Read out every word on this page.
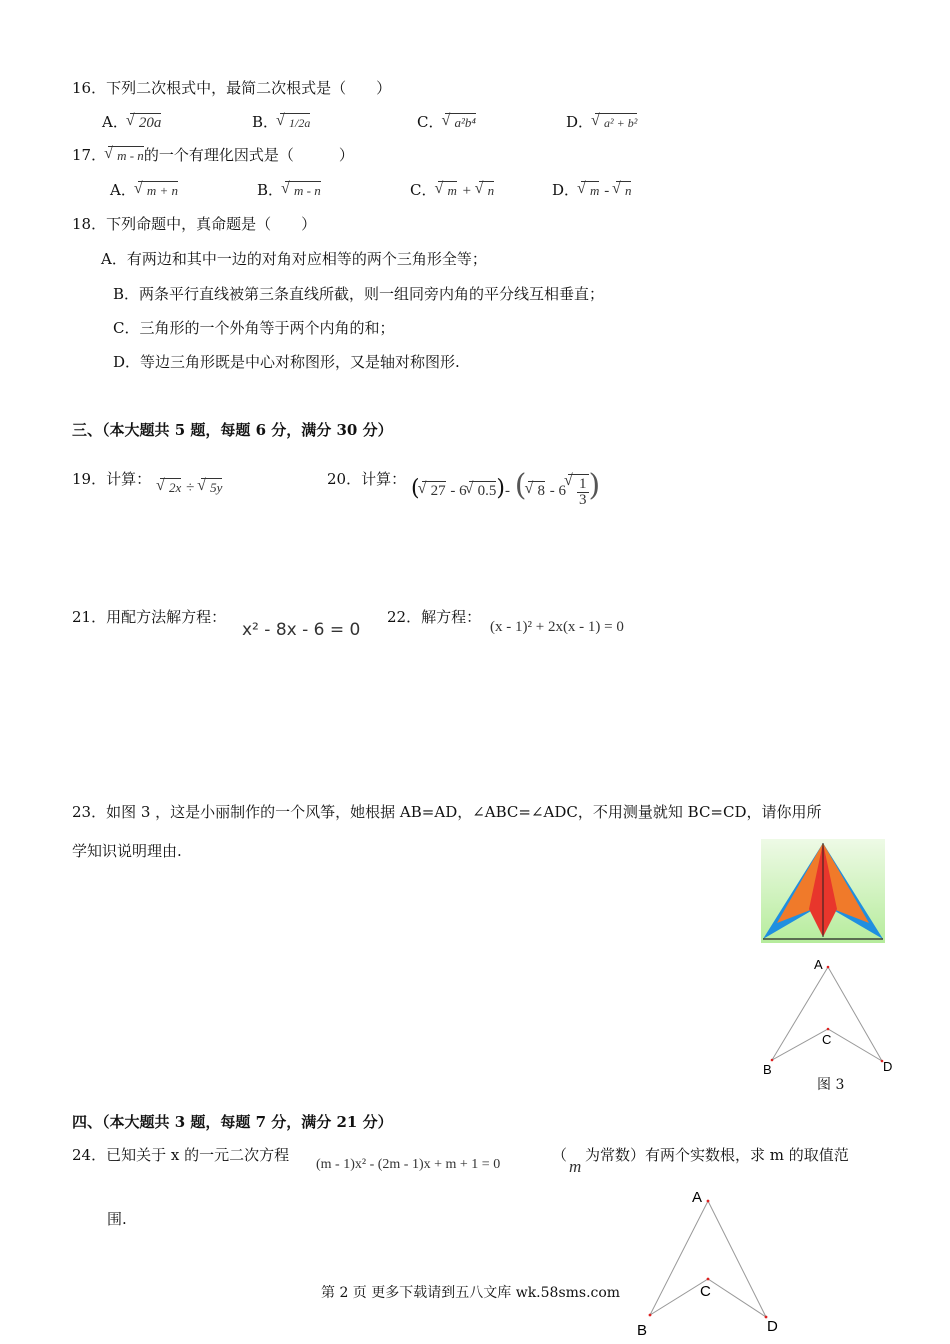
16．下列二次根式中，最简二次根式是（　　）
A． √ 20a	B． √ 1/2a	C． √ a²b⁴	D． √ a² + b²
17． √ m - n的一个有理化因式是（　　　）
A． √ m + n	B． √ m - n	C． √ m + √ n	D． √ m - √ n
18．下列命题中，真命题是（　　）
A．有两边和其中一边的对角对应相等的两个三角形全等；
B．两条平行直线被第三条直线所截，则一组同旁内角的平分线互相垂直；
C．三角形的一个外角等于两个内角的和；
D．等边三角形既是中心对称图形，又是轴对称图形.
三、（本大题共 5 题，每题 6 分，满分 30 分）
19．计算：	√ 2x ÷ √ 5y	20．计算： ( √ 27 - 6 √ 0.5)- ( √ 8 - 6 √ $\frac{1}{3}$ )
21．用配方法解方程：
x² - 8x - 6 = 0
22．解方程：
(x - 1)² + 2x(x - 1) = 0
23．如图 3 ，这是小丽制作的一个风筝，她根据 AB=AD，∠ABC=∠ADC，不用测量就知 BC=CD，请你用所
学知识说明理由.
A
B
C
D
图 3
四、（本大题共 3 题，每题 7 分，满分 21 分）
24．已知关于 x 的一元二次方程
(m - 1)x² - (2m - 1)x + m + 1 = 0
（
m
为常数）有两个实数根，求 m 的取值范
围.
A
B
C
D
第 2 页 更多下载请到五八文库 wk.58sms.com
